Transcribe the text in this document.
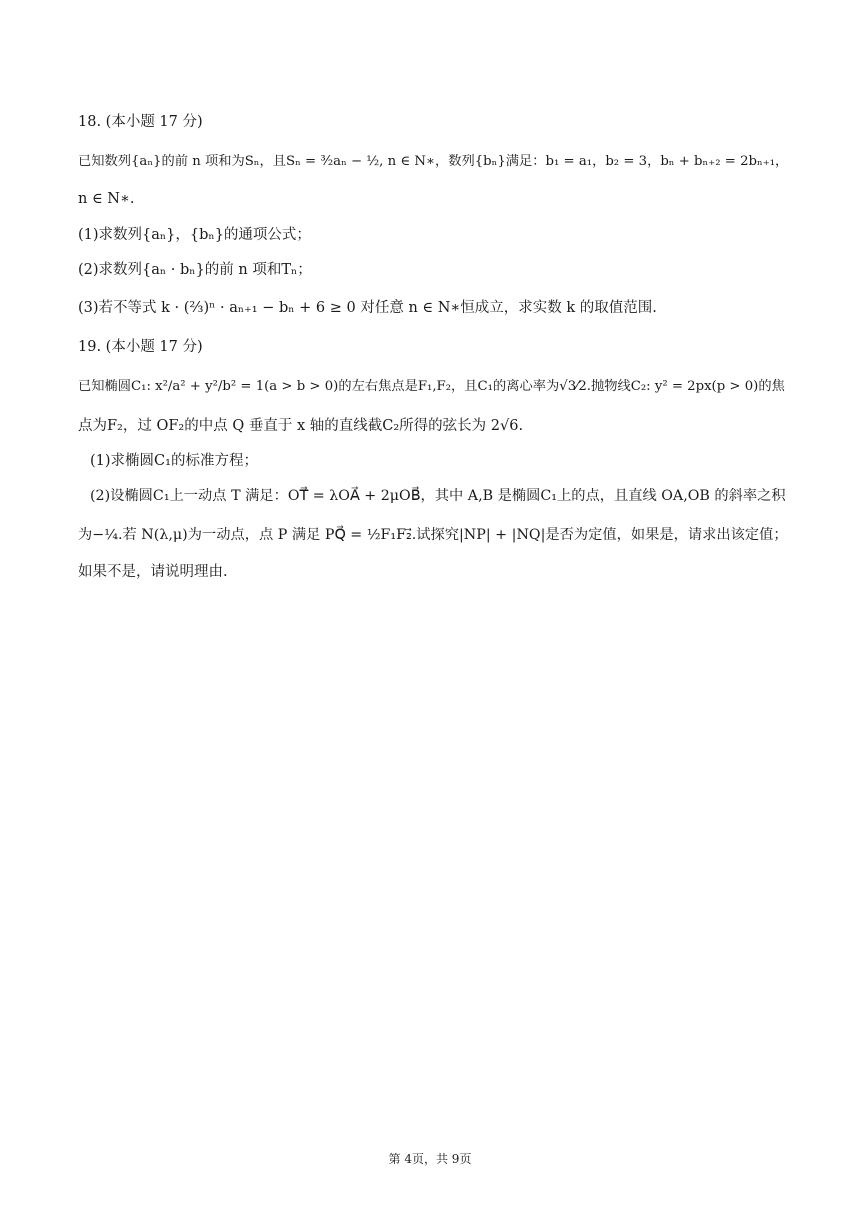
18. (本小题 17 分)
已知数列{aₙ}的前 n 项和为Sₙ，且Sₙ = ³⁄₂aₙ − ½, n ∈ N∗，数列{bₙ}满足：b₁ = a₁，b₂ = 3，bₙ + bₙ₊₂ = 2bₙ₊₁，
n ∈ N∗.
(1)求数列{aₙ}，{bₙ}的通项公式；
(2)求数列{aₙ · bₙ}的前 n 项和Tₙ；
(3)若不等式 k · (⅔)ⁿ · aₙ₊₁ − bₙ + 6 ≥ 0 对任意 n ∈ N∗恒成立，求实数 k 的取值范围.
19. (本小题 17 分)
已知椭圆C₁: x²/a² + y²/b² = 1(a > b > 0)的左右焦点是F₁,F₂，且C₁的离心率为√3⁄2.抛物线C₂: y² = 2px(p > 0)的焦
点为F₂，过 OF₂的中点 Q 垂直于 x 轴的直线截C₂所得的弦长为 2√6.
(1)求椭圆C₁的标准方程；
(2)设椭圆C₁上一动点 T 满足：OT⃗ = λOA⃗ + 2μOB⃗，其中 A,B 是椭圆C₁上的点，且直线 OA,OB 的斜率之积
为−¼.若 N(λ,μ)为一动点，点 P 满足 PQ⃗ = ½F₁F₂⃗.试探究|NP| + |NQ|是否为定值，如果是，请求出该定值；
如果不是，请说明理由.
第 4页，共 9页
